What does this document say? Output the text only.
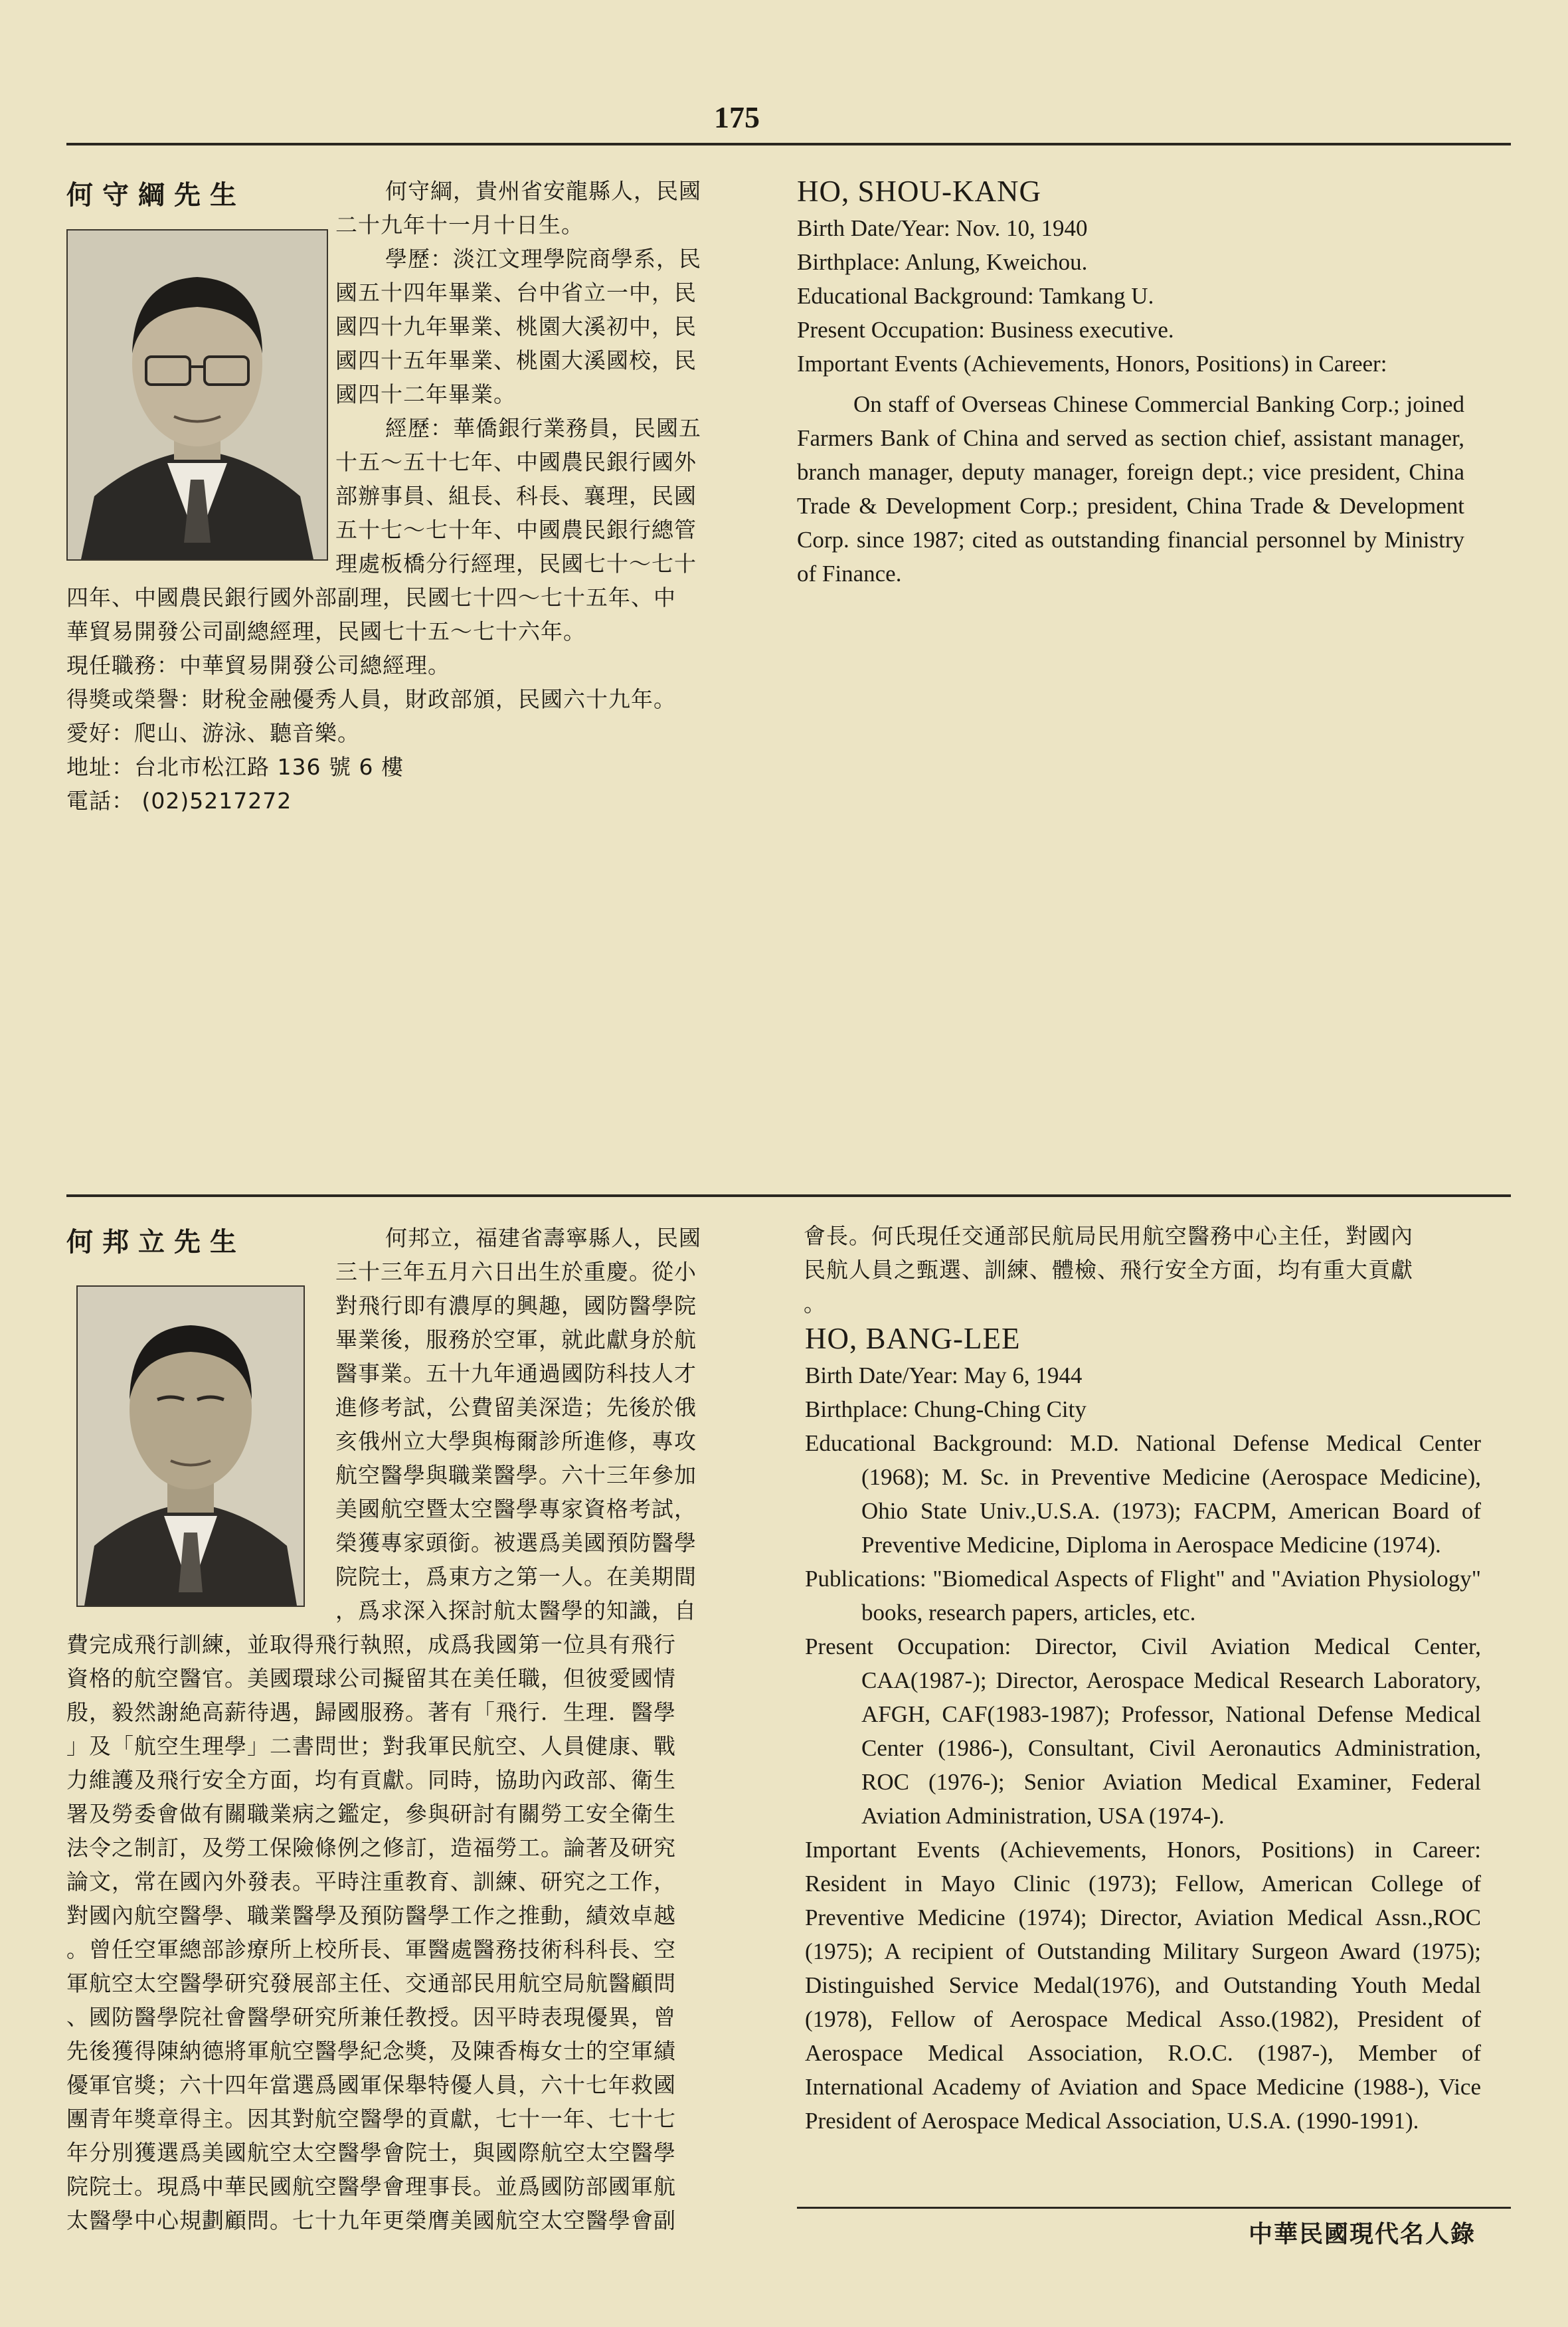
175
何守綱先生	何守綱，貴州省安龍縣人，民國

二十九年十一月十日生。

學歷：淡江文理學院商學系，民

國五十四年畢業、台中省立一中，民

國四十九年畢業、桃園大溪初中，民

國四十五年畢業、桃園大溪國校，民

國四十二年畢業。

經歷：華僑銀行業務員，民國五

十五～五十七年、中國農民銀行國外

部辦事員、組長、科長、襄理，民國

五十七～七十年、中國農民銀行總管

理處板橋分行經理，民國七十～七十

四年、中國農民銀行國外部副理，民國七十四～七十五年、中

華貿易開發公司副總經理，民國七十五～七十六年。

現任職務：中華貿易開發公司總經理。

得獎或榮譽：財稅金融優秀人員，財政部頒，民國六十九年。

愛好：爬山、游泳、聽音樂。

地址：台北市松江路 136 號 6 樓

電話： (02)5217272

HO, SHOU-KANG

Birth Date/Year: Nov. 10, 1940

Birthplace: Anlung, Kweichou.

Educational Background: Tamkang U.

Present Occupation: Business executive.

Important Events (Achievements, Honors, Positions) in Career:

On staff of Overseas Chinese Commercial Banking Corp.; joined Farmers Bank of China and served as section chief, assistant manager, branch manager, deputy manager, foreign dept.; vice president, China Trade & Development Corp.; president, China Trade & Development Corp. since 1987; cited as outstanding financial personnel by Ministry of Finance.

何邦立先生	何邦立，福建省壽寧縣人，民國

三十三年五月六日出生於重慶。從小

對飛行即有濃厚的興趣，國防醫學院

畢業後，服務於空軍，就此獻身於航

醫事業。五十九年通過國防科技人才

進修考試，公費留美深造；先後於俄

亥俄州立大學與梅爾診所進修，專攻

航空醫學與職業醫學。六十三年參加

美國航空暨太空醫學專家資格考試，

榮獲專家頭銜。被選爲美國預防醫學

院院士，爲東方之第一人。在美期間

，爲求深入探討航太醫學的知識，自

費完成飛行訓練，並取得飛行執照，成爲我國第一位具有飛行

資格的航空醫官。美國環球公司擬留其在美任職，但彼愛國情

殷，毅然謝絶高薪待遇，歸國服務。著有「飛行．生理．醫學

」及「航空生理學」二書問世；對我軍民航空、人員健康、戰

力維護及飛行安全方面，均有貢獻。同時，協助內政部、衛生

署及勞委會做有關職業病之鑑定，參與研討有關勞工安全衛生

法令之制訂，及勞工保險條例之修訂，造福勞工。論著及研究

論文，常在國內外發表。平時注重教育、訓練、研究之工作，

對國內航空醫學、職業醫學及預防醫學工作之推動，績效卓越

。曾任空軍總部診療所上校所長、軍醫處醫務技術科科長、空

軍航空太空醫學研究發展部主任、交通部民用航空局航醫顧問

、國防醫學院社會醫學研究所兼任教授。因平時表現優異，曾

先後獲得陳納德將軍航空醫學紀念獎，及陳香梅女士的空軍績

優軍官獎；六十四年當選爲國軍保舉特優人員，六十七年救國

團青年獎章得主。因其對航空醫學的貢獻，七十一年、七十七

年分別獲選爲美國航空太空醫學會院士，與國際航空太空醫學

院院士。現爲中華民國航空醫學會理事長。並爲國防部國軍航

太醫學中心規劃顧問。七十九年更榮膺美國航空太空醫學會副

會長。何氏現任交通部民航局民用航空醫務中心主任，對國內

民航人員之甄選、訓練、體檢、飛行安全方面，均有重大貢獻

。

HO, BANG-LEE

Birth Date/Year: May 6, 1944

Birthplace: Chung-Ching City

Educational Background: M.D. National Defense Medical Center (1968); M. Sc. in Preventive Medicine (Aerospace Medicine), Ohio State Univ.,U.S.A. (1973); FACPM, American Board of Preventive Medicine, Diploma in Aerospace Medicine (1974).

Publications: "Biomedical Aspects of Flight" and "Aviation Physiology" books, research papers, articles, etc.

Present Occupation: Director, Civil Aviation Medical Center, CAA(1987-); Director, Aerospace Medical Research Laboratory, AFGH, CAF(1983-1987); Professor, National Defense Medical Center (1986-), Consultant, Civil Aeronautics Administration, ROC (1976-); Senior Aviation Medical Examiner, Federal Aviation Administration, USA (1974-).

Important Events (Achievements, Honors, Positions) in Career: Resident in Mayo Clinic (1973); Fellow, American College of Preventive Medicine (1974); Director, Aviation Medical Assn.,ROC (1975); A recipient of Outstanding Military Surgeon Award (1975); Distinguished Service Medal(1976), and Outstanding Youth Medal (1978), Fellow of Aerospace Medical Asso.(1982), President of Aerospace Medical Association, R.O.C. (1987-), Member of International Academy of Aviation and Space Medicine (1988-), Vice President of Aerospace Medical Association, U.S.A. (1990-1991).

中華民國現代名人錄
